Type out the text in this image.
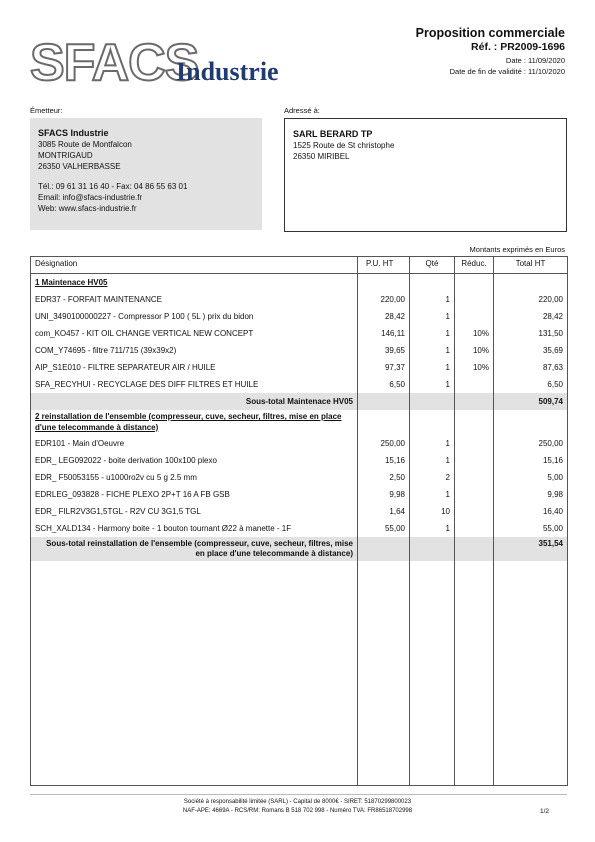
SFACS
Industrie
Proposition commerciale
Réf. : PR2009-1696
Date : 11/09/2020
Date de fin de validité : 11/10/2020
Émetteur:	Adressé à:
SFACS Industrie
3085 Route de Montfalcon
MONTRIGAUD
26350 VALHERBASSE
Tél.: 09 61 31 16 40 - Fax: 04 86 55 63 01
Email: info@sfacs-industrie.fr
Web: www.sfacs-industrie.fr
SARL BERARD TP
1525 Route de St christophe
26350 MIRIBEL
Montants exprimés en Euros
Désignation	P.U. HT	Qté	Réduc.	Total HT
1 Maintenace HV05				
EDR37 - FORFAIT MAINTENANCE	220,00	1		220,00
UNI_3490100000227 - Compressor P 100 ( 5L ) prix du bidon	28,42	1		28,42
com_KO457 - KIT OIL CHANGE VERTICAL NEW CONCEPT	146,11	1	10%	131,50
COM_Y74695 - filtre 711/715 (39x39x2)	39,65	1	10%	35,69
AIP_S1E010 - FILTRE SEPARATEUR AIR / HUILE	97,37	1	10%	87,63
SFA_RECYHUI - RECYCLAGE DES DIFF FILTRES ET HUILE	6,50	1		6,50
Sous-total Maintenace HV05				509,74
2 reinstallation de l'ensemble (compresseur, cuve, secheur, filtres, mise en place d'une telecommande à distance)				
EDR101 - Main d'Oeuvre	250,00	1		250,00
EDR_ LEG092022 - boite derivation 100x100 plexo	15,16	1		15,16
EDR_ F50053155 - u1000ro2v cu 5 g 2.5 mm	2,50	2		5,00
EDRLEG_093828 - FICHE PLEXO 2P+T 16 A FB GSB	9,98	1		9,98
EDR_ FILR2V3G1,5TGL - R2V CU 3G1,5 TGL	1,64	10		16,40
SCH_XALD134 - Harmony boite - 1 bouton tournant Ø22 à manette - 1F	55,00	1		55,00
Sous-total reinstallation de l'ensemble (compresseur, cuve, secheur, filtres, mise en place d'une telecommande à distance)				351,54

Société à responsabilité limitée (SARL) - Capital de 8000€ - SIRET: 51870299800023
NAF-APE: 4669A - RCS/RM: Romans B 518 702 998 - Numéro TVA: FR86518702998	1/2
